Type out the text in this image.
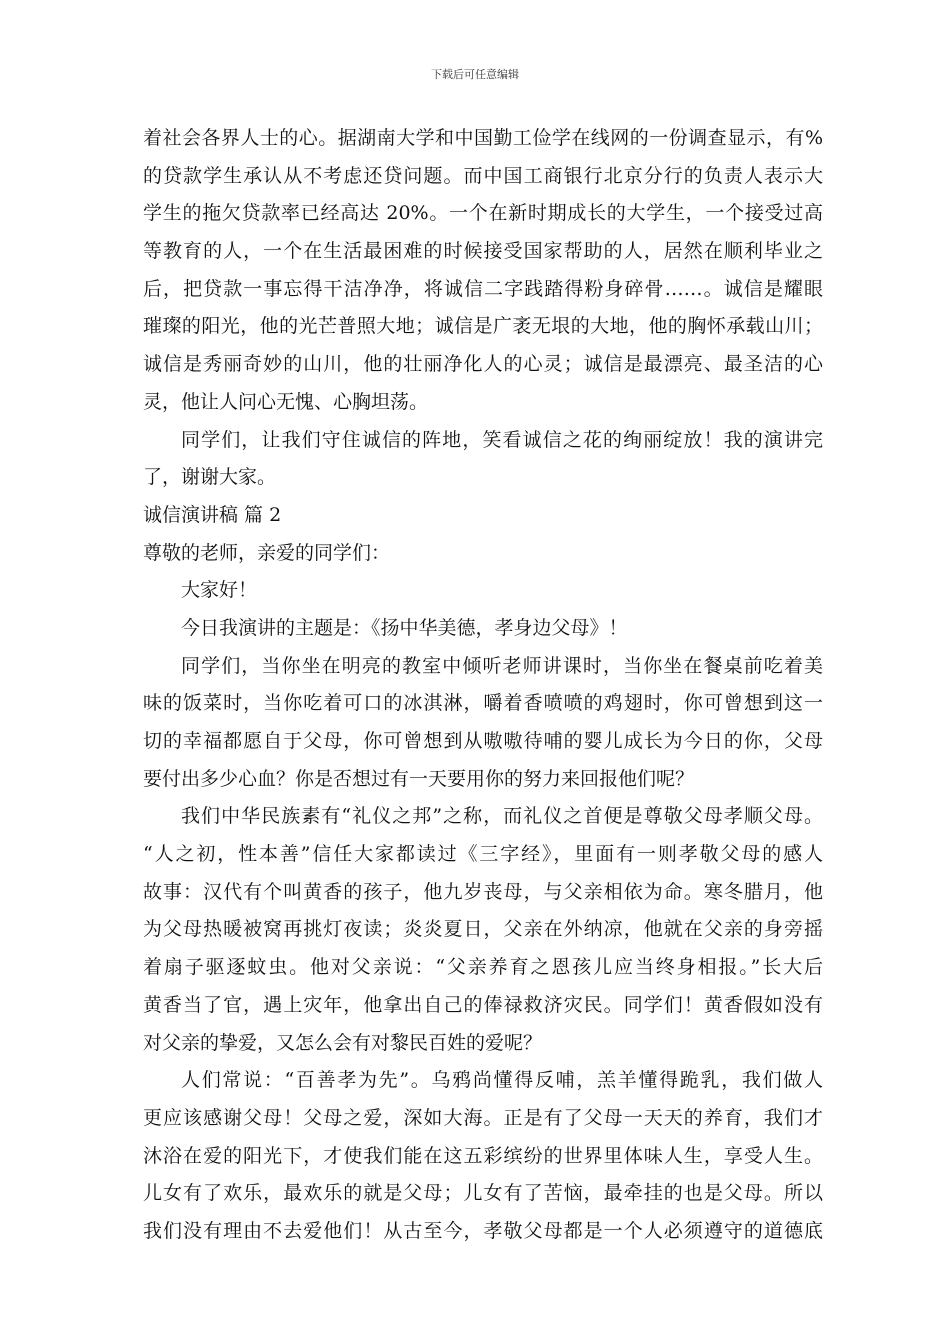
下载后可任意编辑
着社会各界人士的心。据湖南大学和中国勤工俭学在线网的一份调查显示，有%
的贷款学生承认从不考虑还贷问题。而中国工商银行北京分行的负责人表示大
学生的拖欠贷款率已经高达 20%。一个在新时期成长的大学生，一个接受过高
等教育的人，一个在生活最困难的时候接受国家帮助的人，居然在顺利毕业之
后，把贷款一事忘得干洁净净，将诚信二字践踏得粉身碎骨……。诚信是耀眼
璀璨的阳光，他的光芒普照大地；诚信是广袤无垠的大地，他的胸怀承载山川；
诚信是秀丽奇妙的山川，他的壮丽净化人的心灵；诚信是最漂亮、最圣洁的心
灵，他让人问心无愧、心胸坦荡。
同学们，让我们守住诚信的阵地，笑看诚信之花的绚丽绽放！我的演讲完
了，谢谢大家。
诚信演讲稿 篇 2
尊敬的老师，亲爱的同学们：
大家好！
今日我演讲的主题是：《扬中华美德，孝身边父母》！
同学们，当你坐在明亮的教室中倾听老师讲课时，当你坐在餐桌前吃着美
味的饭菜时，当你吃着可口的冰淇淋，嚼着香喷喷的鸡翅时，你可曾想到这一
切的幸福都愿自于父母，你可曾想到从嗷嗷待哺的婴儿成长为今日的你，父母
要付出多少心血？你是否想过有一天要用你的努力来回报他们呢？
我们中华民族素有“礼仪之邦”之称，而礼仪之首便是尊敬父母孝顺父母。
“人之初，性本善”信任大家都读过《三字经》，里面有一则孝敬父母的感人
故事：汉代有个叫黄香的孩子，他九岁丧母，与父亲相依为命。寒冬腊月，他
为父母热暖被窝再挑灯夜读；炎炎夏日，父亲在外纳凉，他就在父亲的身旁摇
着扇子驱逐蚊虫。他对父亲说：“父亲养育之恩孩儿应当终身相报。”长大后
黄香当了官，遇上灾年，他拿出自己的俸禄救济灾民。同学们！黄香假如没有
对父亲的挚爱，又怎么会有对黎民百姓的爱呢？
人们常说：“百善孝为先”。乌鸦尚懂得反哺，羔羊懂得跪乳，我们做人
更应该感谢父母！父母之爱，深如大海。正是有了父母一天天的养育，我们才
沐浴在爱的阳光下，才使我们能在这五彩缤纷的世界里体味人生，享受人生。
儿女有了欢乐，最欢乐的就是父母；儿女有了苦恼，最牵挂的也是父母。所以
我们没有理由不去爱他们！从古至今，孝敬父母都是一个人必须遵守的道德底
